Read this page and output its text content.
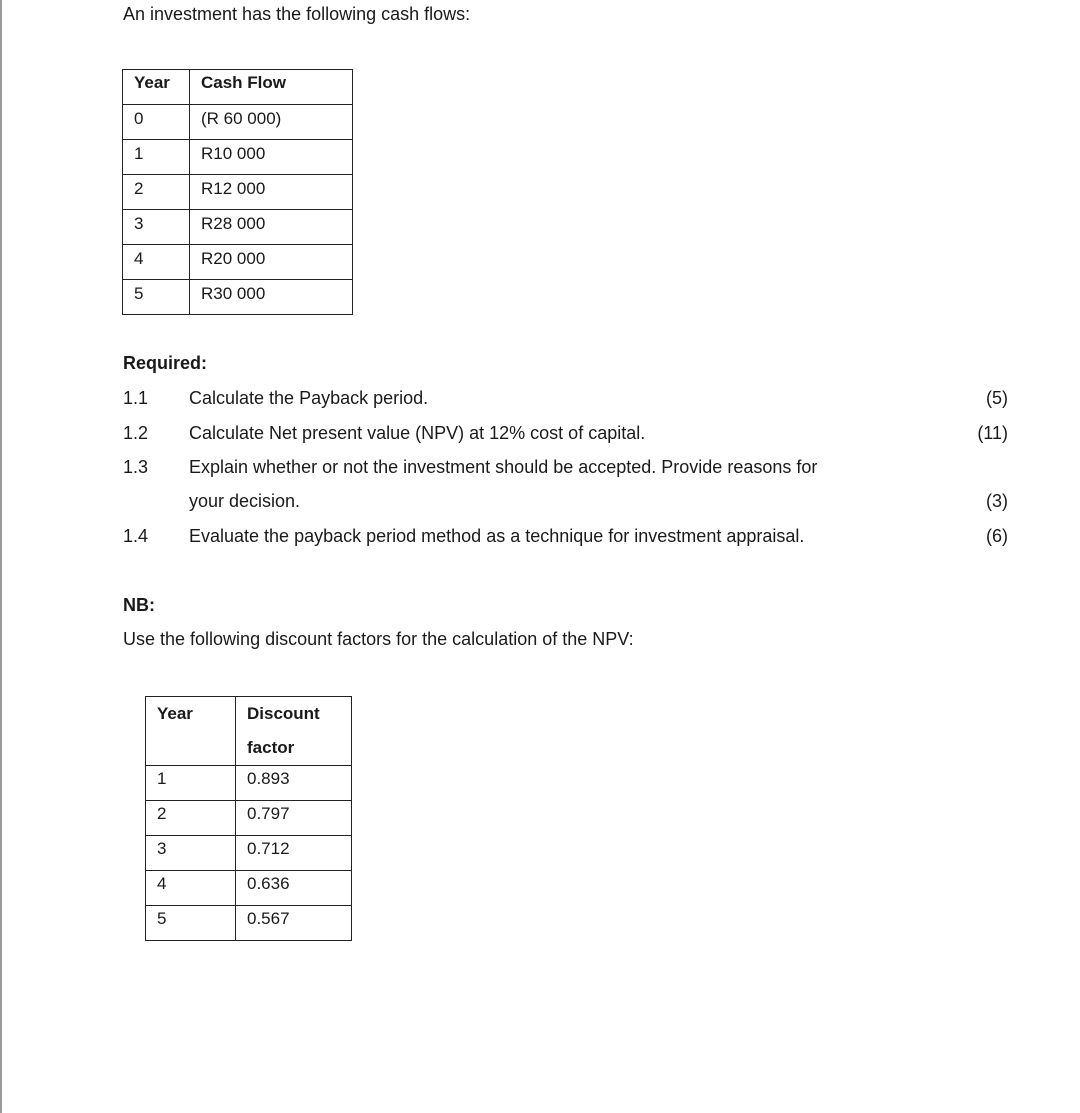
An investment has the following cash flows:

Year	Cash Flow
0	(R 60 000)
1	R10 000
2	R12 000
3	R28 000
4	R20 000
5	R30 000

Required:

1.1 Calculate the Payback period.	(5)
1.2 Calculate Net present value (NPV) at 12% cost of capital.	(11)
1.3 Explain whether or not the investment should be accepted. Provide reasons for
your decision.	(3)
1.4 Evaluate the payback period method as a technique for investment appraisal.	(6)

NB:

Use the following discount factors for the calculation of the NPV:

Year	Discount
factor

1	0.893
2	0.797
3	0.712
4	0.636
5	0.567
